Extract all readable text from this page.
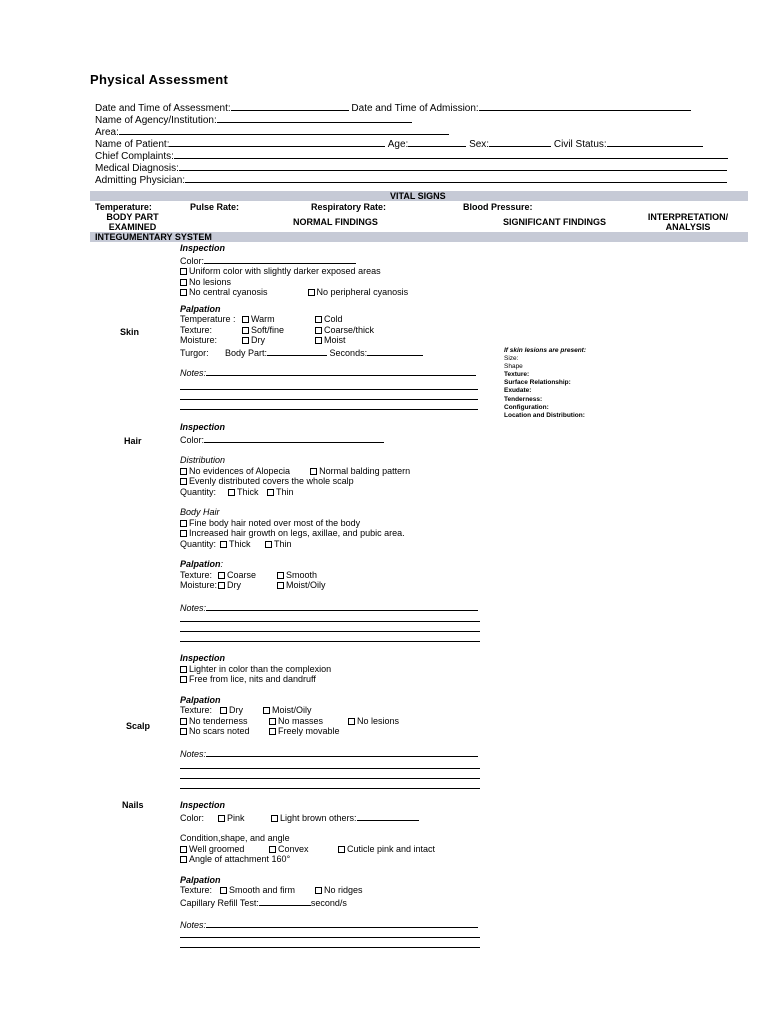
Physical Assessment
Date and Time of Assessment:	Date and Time of Admission:
Name of Agency/Institution:
Area:
Name of Patient:	Age:	Sex:	Civil Status:
Chief Complaints:
Medical Diagnosis:
Admitting Physician:
VITAL SIGNS
Temperature:	Pulse Rate:	Respiratory Rate:	Blood Pressure:
BODY PART
EXAMINED	NORMAL FINDINGS	SIGNIFICANT FINDINGS	INTERPRETATION/
ANALYSIS
INTEGUMENTARY SYSTEM
Skin
Inspection
Color:
Uniform color with slightly darker exposed areas
No lesions
No central cyanosis	No peripheral cyanosis
Palpation
Temperature : Warm	Cold
Texture:	Soft/fine	Coarse/thick
Moisture:	Dry	Moist
Turgor: Body Part:	Seconds:
Notes:
If skin lesions are present:
Size:
Shape
Texture:
Surface Relationship:
Exudate:
Tenderness:
Configuration:
Location and Distribution:
Hair
Inspection
Color:
Distribution
No evidences of Alopecia	Normal balding pattern
Evenly distributed covers the whole scalp
Quantity: Thick Thin
Body Hair
Fine body hair noted over most of the body
Increased hair growth on legs, axillae, and pubic area.
Quantity: Thick	Thin
Palpation:
Texture: Coarse	Smooth
Moisture: Dry	Moist/Oily
Notes:
Scalp
Inspection
Lighter in color than the complexion
Free from lice, nits and dandruff
Palpation
Texture: Dry	Moist/Oily
No tenderness	No masses	No lesions
No scars noted	Freely movable
Notes:
Nails	Inspection
Color:	Pink	Light brown others:
Condition,shape, and angle
Well groomed	Convex	Cuticle pink and intact
Angle of attachment 160°
Palpation
Texture: Smooth and firm	No ridges
Capillary Refill Test:	second/s
Notes:
